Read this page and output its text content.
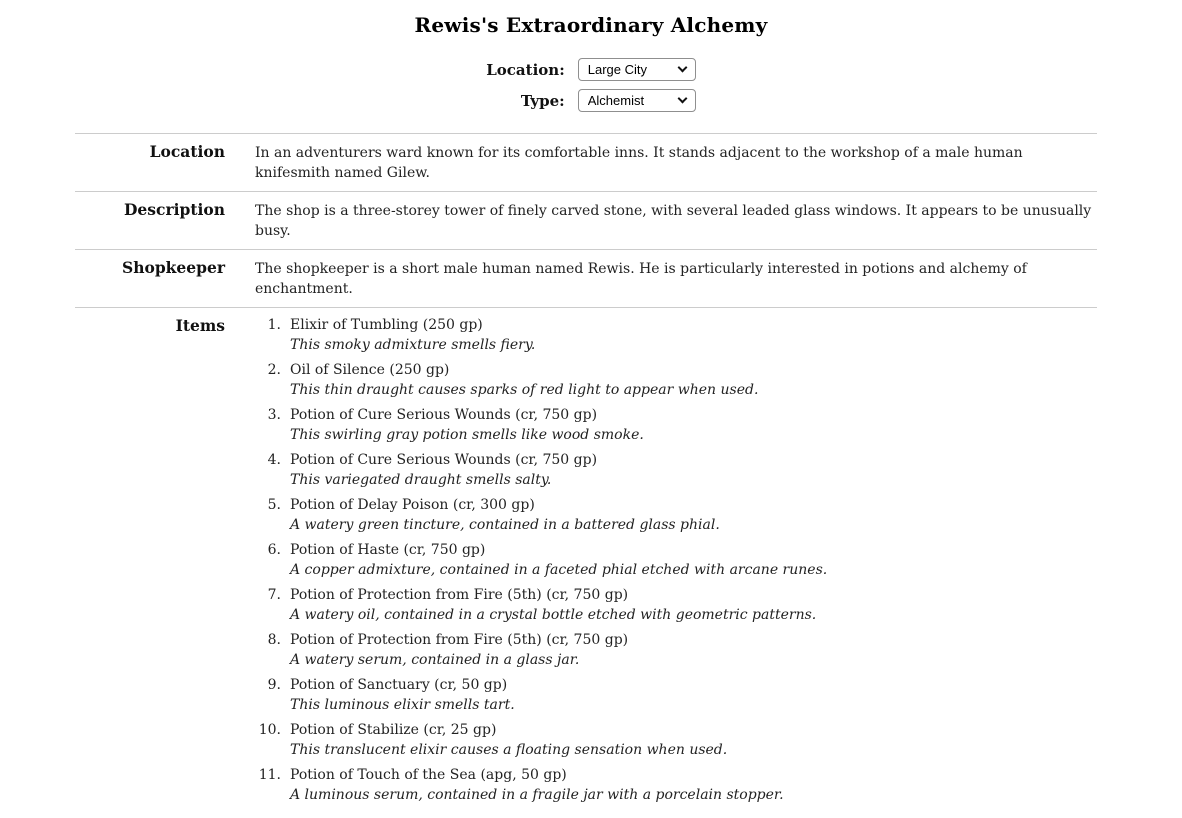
Rewis's Extraordinary Alchemy
Location:
Large City
Type:
Alchemist
Location	In an adventurers ward known for its comfortable inns. It stands adjacent to the workshop of a male human knifesmith named Gilew.
Description	The shop is a three-storey tower of finely carved stone, with several leaded glass windows. It appears to be unusually busy.
Shopkeeper	The shopkeeper is a short male human named Rewis. He is particularly interested in potions and alchemy of enchantment.
Items	1. Elixir of Tumbling (250 gp)
This smoky admixture smells fiery.
2. Oil of Silence (250 gp)
This thin draught causes sparks of red light to appear when used.
3. Potion of Cure Serious Wounds (cr, 750 gp)
This swirling gray potion smells like wood smoke.
4. Potion of Cure Serious Wounds (cr, 750 gp)
This variegated draught smells salty.
5. Potion of Delay Poison (cr, 300 gp)
A watery green tincture, contained in a battered glass phial.
6. Potion of Haste (cr, 750 gp)
A copper admixture, contained in a faceted phial etched with arcane runes.
7. Potion of Protection from Fire (5th) (cr, 750 gp)
A watery oil, contained in a crystal bottle etched with geometric patterns.
8. Potion of Protection from Fire (5th) (cr, 750 gp)
A watery serum, contained in a glass jar.
9. Potion of Sanctuary (cr, 50 gp)
This luminous elixir smells tart.
10. Potion of Stabilize (cr, 25 gp)
This translucent elixir causes a floating sensation when used.
11. Potion of Touch of the Sea (apg, 50 gp)
A luminous serum, contained in a fragile jar with a porcelain stopper.
